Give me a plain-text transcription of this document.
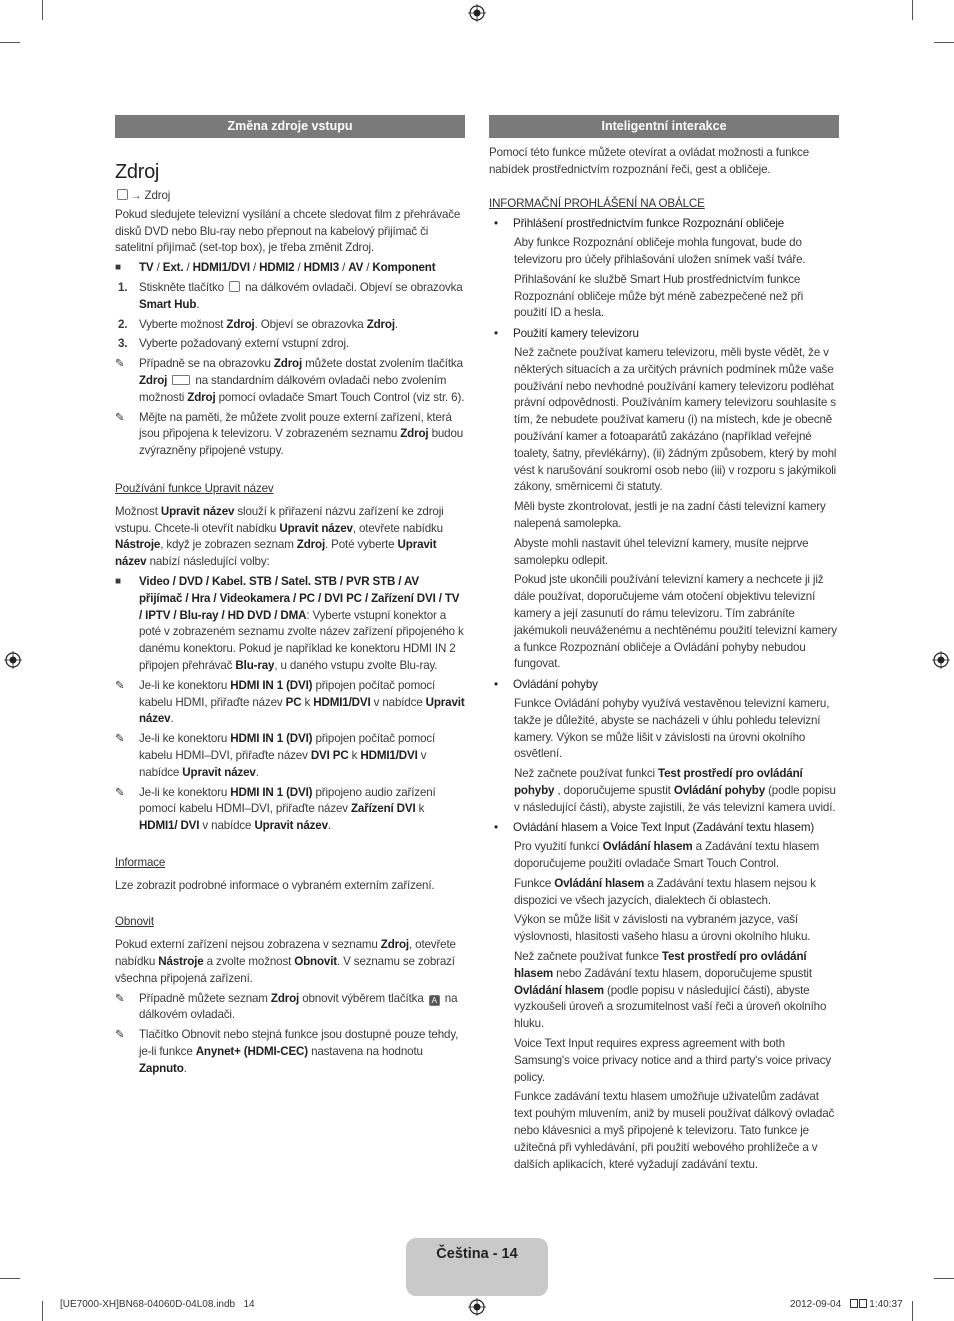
Změna zdroje vstupu
Zdroj

→ Zdroj

Pokud sledujete televizní vysílání a chcete sledovat film z přehrávače disků DVD nebo Blu-ray nebo přepnout na kabelový přijímač či satelitní přijímač (set-top box), je třeba změnit Zdroj.

■	TV / Ext. / HDMI1/DVI / HDMI2 / HDMI3 / AV / Komponent
1.	Stiskněte tlačítko na dálkovém ovladači. Objeví se obrazovka Smart Hub.
2.	Vyberte možnost Zdroj. Objeví se obrazovka Zdroj.
3.	Vyberte požadovaný externí vstupní zdroj.
✎	Případně se na obrazovku Zdroj můžete dostat zvolením tlačítka Zdroj na standardním dálkovém ovladači nebo zvolením možnosti Zdroj pomocí ovladače Smart Touch Control (viz str. 6).
✎	Mějte na paměti, že můžete zvolit pouze externí zařízení, která jsou připojena k televizoru. V zobrazeném seznamu Zdroj budou zvýrazněny připojené vstupy.

Používání funkce Upravit název

Možnost Upravit název slouží k přiřazení názvu zařízení ke zdroji vstupu. Chcete-li otevřít nabídku Upravit název, otevřete nabídku Nástroje, když je zobrazen seznam Zdroj. Poté vyberte Upravit název nabízí následující volby:

■	Video / DVD / Kabel. STB / Satel. STB / PVR STB / AV přijímač / Hra / Videokamera / PC / DVI PC / Zařízení DVI / TV / IPTV / Blu-ray / HD DVD / DMA: Vyberte vstupní konektor a poté v zobrazeném seznamu zvolte název zařízení připojeného k danému konektoru. Pokud je například ke konektoru HDMI IN 2 připojen přehrávač Blu-ray, u daného vstupu zvolte Blu-ray.
✎	Je-li ke konektoru HDMI IN 1 (DVI) připojen počítač pomocí kabelu HDMI, přiřaďte název PC k HDMI1/DVI v nabídce Upravit název.
✎	Je-li ke konektoru HDMI IN 1 (DVI) připojen počítač pomocí kabelu HDMI–DVI, přiřaďte název DVI PC k HDMI1/DVI v nabídce Upravit název.
✎	Je-li ke konektoru HDMI IN 1 (DVI) připojeno audio zařízení pomocí kabelu HDMI–DVI, přiřaďte název Zařízení DVI k HDMI1/ DVI v nabídce Upravit název.

Informace

Lze zobrazit podrobné informace o vybraném externím zařízení.

Obnovit

Pokud externí zařízení nejsou zobrazena v seznamu Zdroj, otevřete nabídku Nástroje a zvolte možnost Obnovit. V seznamu se zobrazí všechna připojená zařízení.

✎	Případně můžete seznam Zdroj obnovit výběrem tlačítka A na dálkovém ovladači.
✎	Tlačítko Obnovit nebo stejná funkce jsou dostupné pouze tehdy, je-li funkce Anynet+ (HDMI-CEC) nastavena na hodnotu Zapnuto.
Inteligentní interakce

Pomocí této funkce můžete otevírat a ovládat možnosti a funkce nabídek prostřednictvím rozpoznání řeči, gest a obličeje.

INFORMAČNÍ PROHLÁŠENÍ NA OBÁLCE

• Přihlášení prostřednictvím funkce Rozpoznání obličeje

Aby funkce Rozpoznání obličeje mohla fungovat, bude do televizoru pro účely přihlašování uložen snímek vaší tváře.

Přihlašování ke službě Smart Hub prostřednictvím funkce Rozpoznání obličeje může být méně zabezpečené než při použití ID a hesla.

• Použití kamery televizoru

Než začnete používat kameru televizoru, měli byste vědět, že v některých situacích a za určitých právních podmínek může vaše používání nebo nevhodné používání kamery televizoru podléhat právní odpovědnosti. Používáním kamery televizoru souhlasíte s tím, že nebudete používat kameru (i) na místech, kde je obecně používání kamer a fotoaparátů zakázáno (například veřejné toalety, šatny, převlékárny), (ii) žádným způsobem, který by mohl vést k narušování soukromí osob nebo (iii) v rozporu s jakýmikoli zákony, směrnicemi či statuty.

Měli byste zkontrolovat, jestli je na zadní části televizní kamery nalepená samolepka.

Abyste mohli nastavit úhel televizní kamery, musíte nejprve samolepku odlepit.

Pokud jste ukončili používání televizní kamery a nechcete ji již dále používat, doporučujeme vám otočení objektivu televizní kamery a její zasunutí do rámu televizoru. Tím zabráníte jakémukoli neuváženému a nechtěnému použití televizní kamery a funkce Rozpoznání obličeje a Ovládání pohyby nebudou fungovat.

• Ovládání pohyby

Funkce Ovládání pohyby využívá vestavěnou televizní kameru, takže je důležité, abyste se nacházeli v úhlu pohledu televizní kamery. Výkon se může lišit v závislosti na úrovni okolního osvětlení.

Než začnete používat funkci Test prostředí pro ovládání pohyby , doporučujeme spustit Ovládání pohyby (podle popisu v následující části), abyste zajistili, že vás televizní kamera uvidí.

• Ovládání hlasem a Voice Text Input (Zadávání textu hlasem)

Pro využití funkcí Ovládání hlasem a Zadávání textu hlasem doporučujeme použití ovladače Smart Touch Control.

Funkce Ovládání hlasem a Zadávání textu hlasem nejsou k dispozici ve všech jazycích, dialektech či oblastech.

Výkon se může lišit v závislosti na vybraném jazyce, vaší výslovnosti, hlasitosti vašeho hlasu a úrovni okolního hluku.

Než začnete používat funkce Test prostředí pro ovládání hlasem nebo Zadávání textu hlasem, doporučujeme spustit Ovládání hlasem (podle popisu v následující části), abyste vyzkoušeli úroveň a srozumitelnost vaší řeči a úroveň okolního hluku.

Voice Text Input requires express agreement with both Samsung's voice privacy notice and a third party's voice privacy policy.

Funkce zadávání textu hlasem umožňuje uživatelům zadávat text pouhým mluvením, aniž by museli používat dálkový ovladač nebo klávesnici a myš připojené k televizoru. Tato funkce je užitečná při vyhledávání, při použití webového prohlížeče a v dalších aplikacích, které vyžadují zadávání textu.

Čeština - 14
[UE7000-XH]BN68-04060D-04L08.indb 14	2012-09-04	1:40:37
